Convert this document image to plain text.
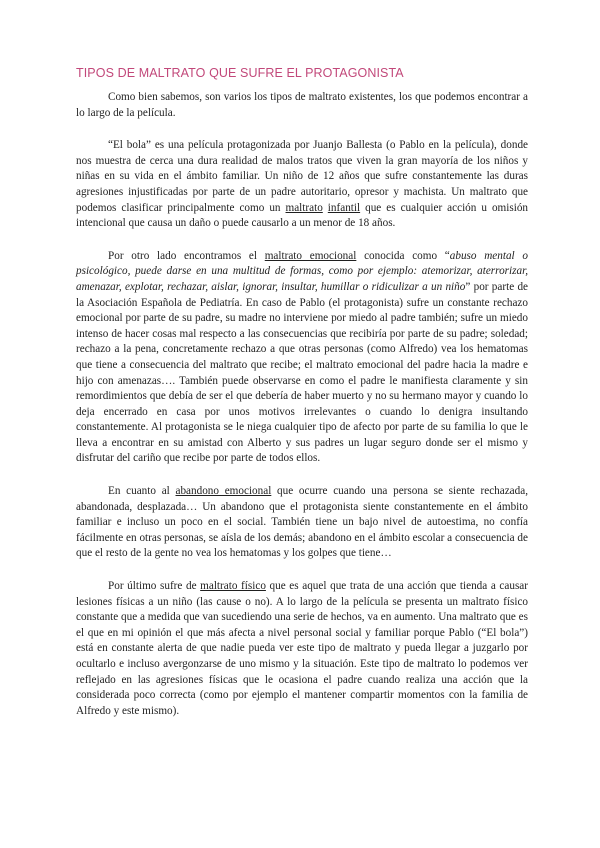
TIPOS DE MALTRATO QUE SUFRE EL PROTAGONISTA

Como bien sabemos, son varios los tipos de maltrato existentes, los que podemos encontrar a lo largo de la película.

“El bola” es una película protagonizada por Juanjo Ballesta (o Pablo en la película), donde nos muestra de cerca una dura realidad de malos tratos que viven la gran mayoría de los niños y niñas en su vida en el ámbito familiar. Un niño de 12 años que sufre constantemente las duras agresiones injustificadas por parte de un padre autoritario, opresor y machista. Un maltrato que podemos clasificar principalmente como un maltrato infantil que es cualquier acción u omisión intencional que causa un daño o puede causarlo a un menor de 18 años.

Por otro lado encontramos el maltrato emocional conocida como “abuso mental o psicológico, puede darse en una multitud de formas, como por ejemplo: atemorizar, aterrorizar, amenazar, explotar, rechazar, aislar, ignorar, insultar, humillar o ridiculizar a un niño” por parte de la Asociación Española de Pediatría. En caso de Pablo (el protagonista) sufre un constante rechazo emocional por parte de su padre, su madre no interviene por miedo al padre también; sufre un miedo intenso de hacer cosas mal respecto a las consecuencias que recibiría por parte de su padre; soledad; rechazo a la pena, concretamente rechazo a que otras personas (como Alfredo) vea los hematomas que tiene a consecuencia del maltrato que recibe; el maltrato emocional del padre hacia la madre e hijo con amenazas…. También puede observarse en como el padre le manifiesta claramente y sin remordimientos que debía de ser el que debería de haber muerto y no su hermano mayor y cuando lo deja encerrado en casa por unos motivos irrelevantes o cuando lo denigra insultando constantemente. Al protagonista se le niega cualquier tipo de afecto por parte de su familia lo que le lleva a encontrar en su amistad con Alberto y sus padres un lugar seguro donde ser el mismo y disfrutar del cariño que recibe por parte de todos ellos.

En cuanto al abandono emocional que ocurre cuando una persona se siente rechazada, abandonada, desplazada… Un abandono que el protagonista siente constantemente en el ámbito familiar e incluso un poco en el social. También tiene un bajo nivel de autoestima, no confía fácilmente en otras personas, se aísla de los demás; abandono en el ámbito escolar a consecuencia de que el resto de la gente no vea los hematomas y los golpes que tiene…

Por último sufre de maltrato físico que es aquel que trata de una acción que tienda a causar lesiones físicas a un niño (las cause o no). A lo largo de la película se presenta un maltrato físico constante que a medida que van sucediendo una serie de hechos, va en aumento. Una maltrato que es el que en mi opinión el que más afecta a nivel personal social y familiar porque Pablo (“El bola”) está en constante alerta de que nadie pueda ver este tipo de maltrato y pueda llegar a juzgarlo por ocultarlo e incluso avergonzarse de uno mismo y la situación. Este tipo de maltrato lo podemos ver reflejado en las agresiones físicas que le ocasiona el padre cuando realiza una acción que la considerada poco correcta (como por ejemplo el mantener compartir momentos con la familia de Alfredo y este mismo).
